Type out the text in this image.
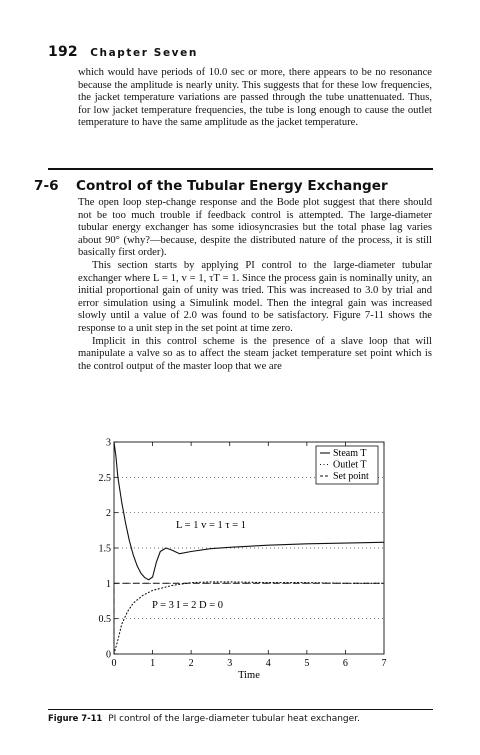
192 Chapter Seven

which would have periods of 10.0 sec or more, there appears to be no resonance because the amplitude is nearly unity. This suggests that for these low frequencies, the jacket temperature variations are passed through the tube unattenuated. Thus, for low jacket temperature frequencies, the tube is long enough to cause the outlet temperature to have the same amplitude as the jacket temperature.

7-6 Control of the Tubular Energy Exchanger

The open loop step-change response and the Bode plot suggest that there should not be too much trouble if feedback control is attempted. The large-diameter tubular energy exchanger has some idiosyncrasies but the total phase lag varies about 90° (why?—because, despite the distributed nature of the process, it is still basically first order).

This section starts by applying PI control to the large-diameter tubular exchanger where L = 1, v = 1, τT = 1. Since the process gain is nominally unity, an initial proportional gain of unity was tried. This was increased to 3.0 by trial and error simulation using a Simulink model. Then the integral gain was increased slowly until a value of 2.0 was found to be satisfactory. Figure 7-11 shows the response to a unit step in the set point at time zero.

Implicit in this control scheme is the presence of a slave loop that will manipulate a valve so as to affect the steam jacket temperature set point which is the control output of the master loop that we are

0
0.5
1
1.5
2
2.5
3
0	1	2	3	4	5	6	7
Steam T
Outlet T
Set point
Time
L = 1 v = 1 τ = 1
P = 3 I = 2 D = 0
Figure 7-11 PI control of the large-diameter tubular heat exchanger.
